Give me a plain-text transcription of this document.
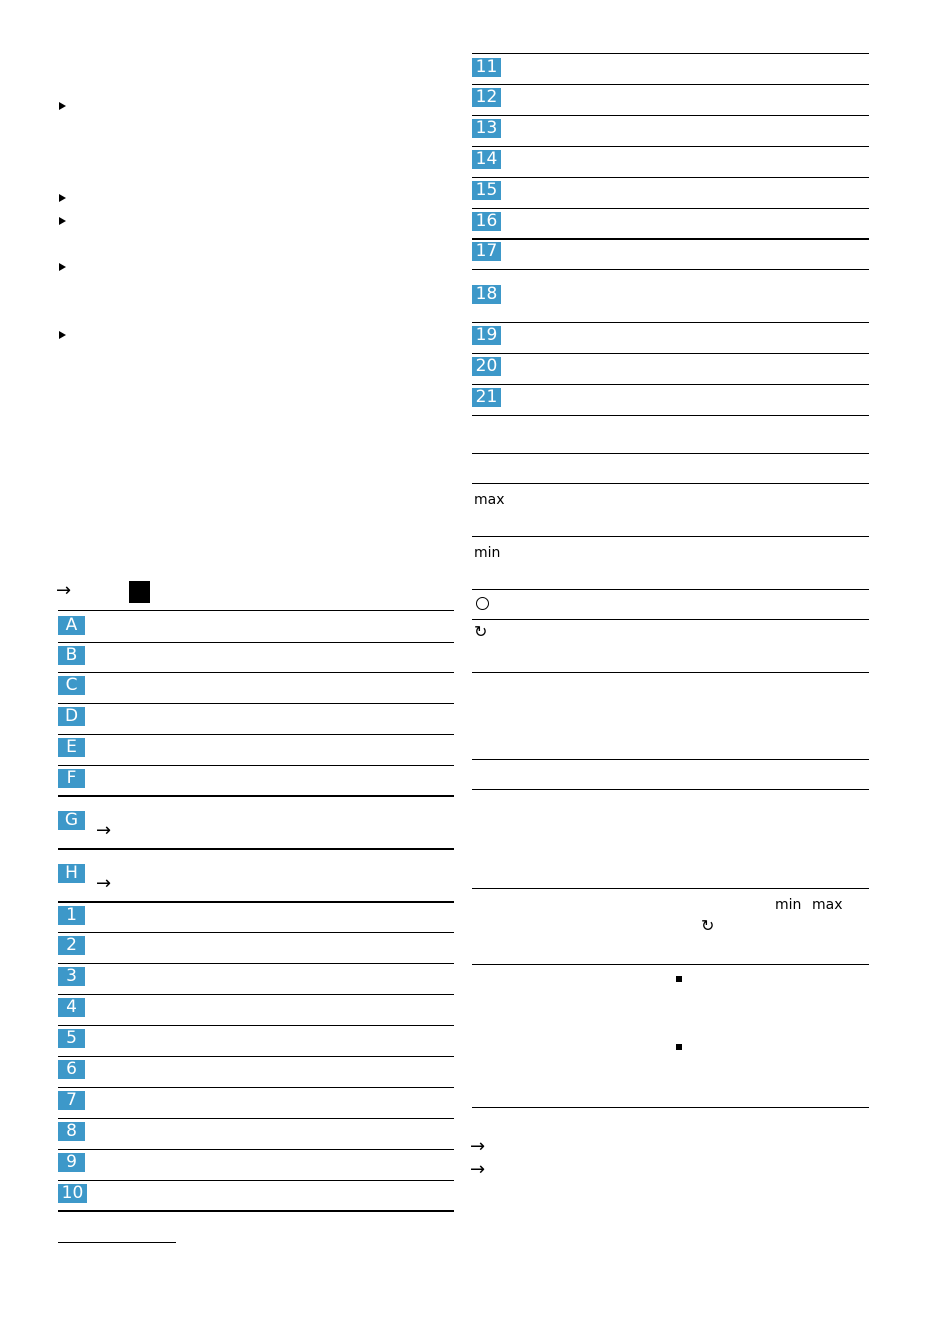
→
A
B
C
D
E
F
G →
H	→
1
2
3
4
5
6
7
8
9
10
11
12
13
14
15
16
17
18
19
20
21
max
min
↻
min max
↻
→
→
